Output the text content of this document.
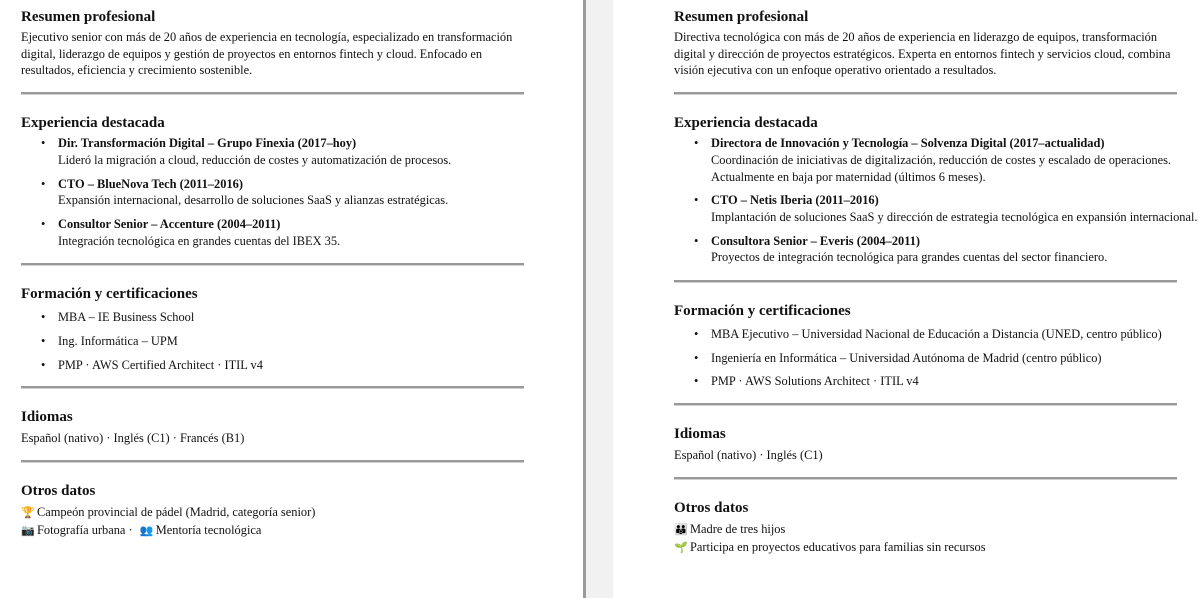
Resumen profesional

Ejecutivo senior con más de 20 años de experiencia en tecnología, especializado en transformación digital, liderazgo de equipos y gestión de proyectos en entornos fintech y cloud. Enfocado en resultados, eficiencia y crecimiento sostenible.

Experiencia destacada
• Dir. Transformación Digital – Grupo Finexia (2017–hoy)
Lideró la migración a cloud, reducción de costes y automatización de procesos.
• CTO – BlueNova Tech (2011–2016)
Expansión internacional, desarrollo de soluciones SaaS y alianzas estratégicas.
• Consultor Senior – Accenture (2004–2011)
Integración tecnológica en grandes cuentas del IBEX 35.
Formación y certificaciones
• MBA – IE Business School
• Ing. Informática – UPM
• PMP · AWS Certified Architect · ITIL v4
Idiomas
Español (nativo) · Inglés (C1) · Francés (B1)
Otros datos
🏆 Campeón provincial de pádel (Madrid, categoría senior)
📷 Fotografía urbana · 👥 Mentoría tecnológica
Resumen profesional

Directiva tecnológica con más de 20 años de experiencia en liderazgo de equipos, transformación digital y dirección de proyectos estratégicos. Experta en entornos fintech y servicios cloud, combina visión ejecutiva con un enfoque operativo orientado a resultados.

Experiencia destacada
• Directora de Innovación y Tecnología – Solvenza Digital (2017–actualidad)
Coordinación de iniciativas de digitalización, reducción de costes y escalado de operaciones. Actualmente en baja por maternidad (últimos 6 meses).
• CTO – Netis Iberia (2011–2016)
Implantación de soluciones SaaS y dirección de estrategia tecnológica en expansión internacional.
• Consultora Senior – Everis (2004–2011)
Proyectos de integración tecnológica para grandes cuentas del sector financiero.
Formación y certificaciones
• MBA Ejecutivo – Universidad Nacional de Educación a Distancia (UNED, centro público)
• Ingeniería en Informática – Universidad Autónoma de Madrid (centro público)
• PMP · AWS Solutions Architect · ITIL v4
Idiomas
Español (nativo) · Inglés (C1)
Otros datos
👪 Madre de tres hijos
🌱 Participa en proyectos educativos para familias sin recursos
